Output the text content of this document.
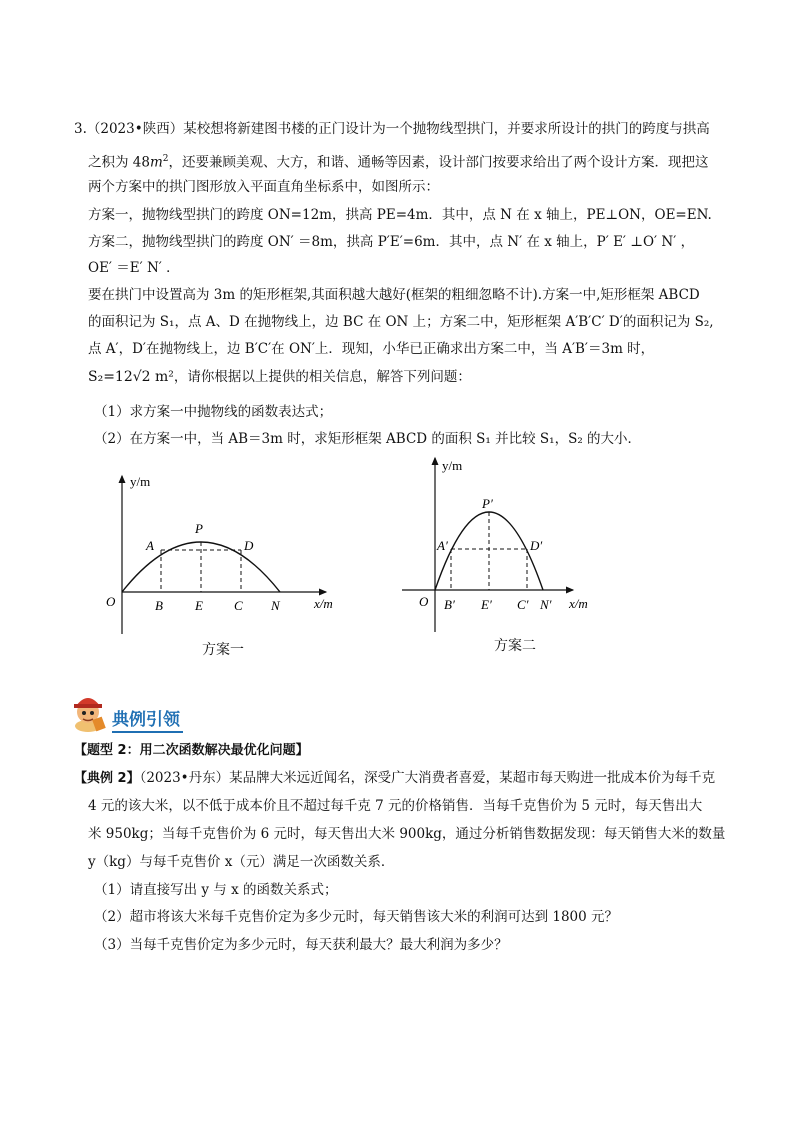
3.（2023•陕西）某校想将新建图书楼的正门设计为一个抛物线型拱门，并要求所设计的拱门的跨度与拱高
之积为 $48m^2$，还要兼顾美观、大方，和谐、通畅等因素，设计部门按要求给出了两个设计方案．现把这
两个方案中的拱门图形放入平面直角坐标系中，如图所示：
方案一，抛物线型拱门的跨度 ON=12m，拱高 PE=4m．其中，点 N 在 x 轴上，PE⊥ON，OE=EN.
方案二，抛物线型拱门的跨度 ON′ ＝8m，拱高 P′E′=6m．其中，点 N′ 在 x 轴上，P′ E′ ⊥O′ N′ ，
OE′ ＝E′ N′ ．
要在拱门中设置高为 3m 的矩形框架,其面积越大越好(框架的粗细忽略不计).方案一中,矩形框架 ABCD
的面积记为 S₁，点 A、D 在抛物线上，边 BC 在 ON 上；方案二中，矩形框架 A′B′C′ D′的面积记为 S₂,
点 A′，D′在抛物线上，边 B′C′在 ON′上．现知，小华已正确求出方案二中，当 A′B′＝3m 时，
S₂=12√2 m²，请你根据以上提供的相关信息，解答下列问题：
（1）求方案一中抛物线的函数表达式；
（2）在方案一中，当 AB＝3m 时，求矩形框架 ABCD 的面积 S₁ 并比较 S₁，S₂ 的大小．
y/m
x/m
O
A
P
D
B E C N
方案一
y/m
x/m
O
A′
P′
D′
B′ E′ C′ N′
方案二
典例引领
【题型 2：用二次函数解决最优化问题】
【典例 2】（2023•丹东）某品牌大米远近闻名，深受广大消费者喜爱，某超市每天购进一批成本价为每千克
4 元的该大米，以不低于成本价且不超过每千克 7 元的价格销售．当每千克售价为 5 元时，每天售出大
米 950kg；当每千克售价为 6 元时，每天售出大米 900kg，通过分析销售数据发现：每天销售大米的数量
y（kg）与每千克售价 x（元）满足一次函数关系．
（1）请直接写出 y 与 x 的函数关系式；
（2）超市将该大米每千克售价定为多少元时，每天销售该大米的利润可达到 1800 元？
（3）当每千克售价定为多少元时，每天获利最大？最大利润为多少？
